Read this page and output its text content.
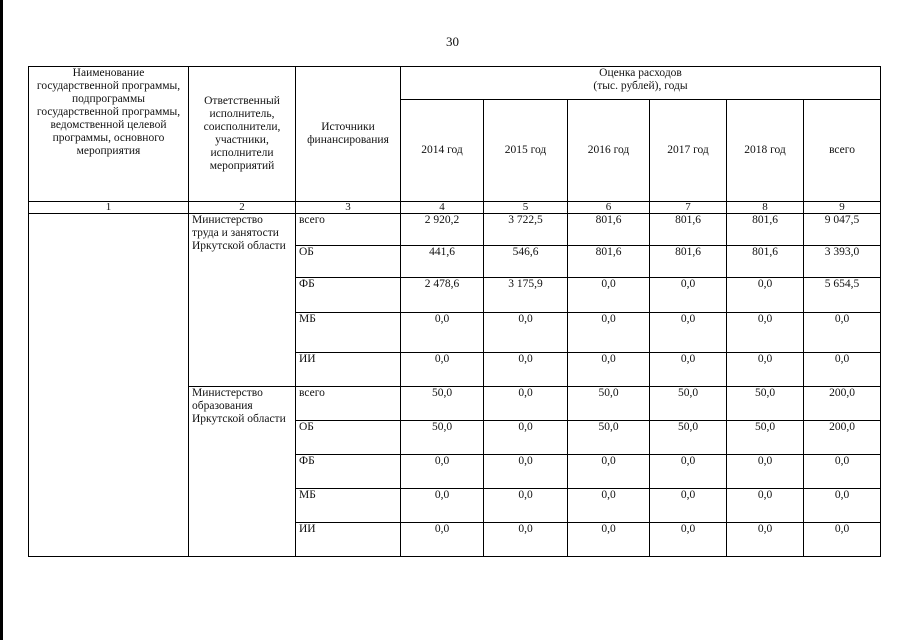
30
Наименование государственной программы, подпрограммы государственной программы, ведомственной целевой программы, основного мероприятия	Ответственный исполнитель, соисполнители, участники, исполнители мероприятий	Источники финансирования	Оценка расходов
(тыс. рублей), годы					

			2014 год	2015 год	2016 год	2017 год	2018 год	всего
1	2	3	4	5	6	7	8	9
	Министерство труда и занятости Иркутской области	всего	2 920,2	3 722,5	801,6	801,6	801,6	9 047,5
		ОБ	441,6	546,6	801,6	801,6	801,6	3 393,0
		ФБ	2 478,6	3 175,9	0,0	0,0	0,0	5 654,5
		МБ	0,0	0,0	0,0	0,0	0,0	0,0
		ИИ	0,0	0,0	0,0	0,0	0,0	0,0
	Министерство образования Иркутской области	всего	50,0	0,0	50,0	50,0	50,0	200,0
		ОБ	50,0	0,0	50,0	50,0	50,0	200,0
		ФБ	0,0	0,0	0,0	0,0	0,0	0,0
		МБ	0,0	0,0	0,0	0,0	0,0	0,0
		ИИ	0,0	0,0	0,0	0,0	0,0	0,0
